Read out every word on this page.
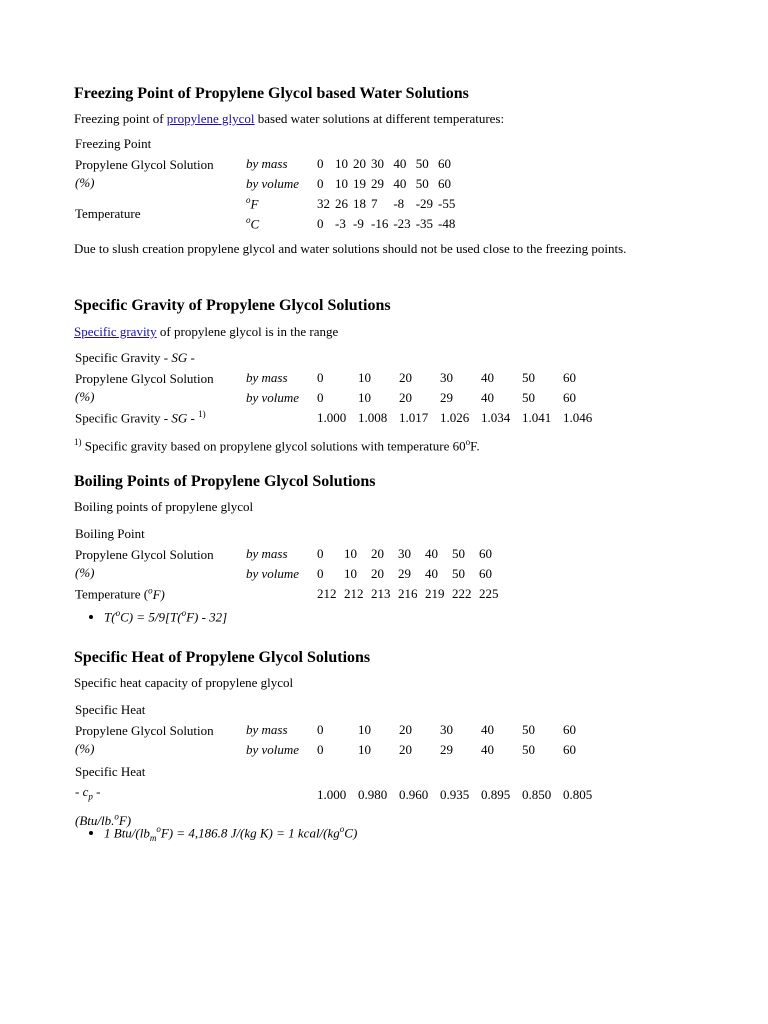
Freezing Point of Propylene Glycol based Water Solutions

Freezing point of propylene glycol based water solutions at different temperatures:

Freezing Point								
Propylene Glycol Solution
(%)	by mass	0	10	20	30	40	50	60
	by volume	0	10	19	29	40	50	60
Temperature	$^o$F	32	26	18	7	-8	-29	-55
	$^o$C	0	-3	-9	-16	-23	-35	-48

Due to slush creation propylene glycol and water solutions should not be used close to the freezing points.

Specific Gravity of Propylene Glycol Solutions

Specific gravity of propylene glycol is in the range

Specific Gravity - SG -								
Propylene Glycol Solution
(%)	by mass	0	10	20	30	40	50	60
	by volume	0	10	20	29	40	50	60
Specific Gravity - SG - $^{1)}$		1.000	1.008	1.017	1.026	1.034	1.041	1.046

$^{1)}$ Specific gravity based on propylene glycol solutions with temperature 60$^o$F.

Boiling Points of Propylene Glycol Solutions

Boiling points of propylene glycol

Boiling Point								
Propylene Glycol Solution
(%)	by mass	0	10	20	30	40	50	60
	by volume	0	10	20	29	40	50	60
Temperature ($^o$F)		212	212	213	216	219	222	225
• T($^o$C) = 5/9[T($^o$F) - 32]
Specific Heat of Propylene Glycol Solutions

Specific heat capacity of propylene glycol

Specific Heat								
Propylene Glycol Solution
(%)	by mass	0	10	20	30	40	50	60
	by volume	0	10	20	29	40	50	60
Specific Heat
- $c_p$ -
(Btu/lb.$^o$F)		1.000	0.980	0.960	0.935	0.895	0.850	0.805
• 1 Btu/$(lb_m^oF) = 4,186.8$ J/(kg K) = 1 kcal/$(kg^oC)$
